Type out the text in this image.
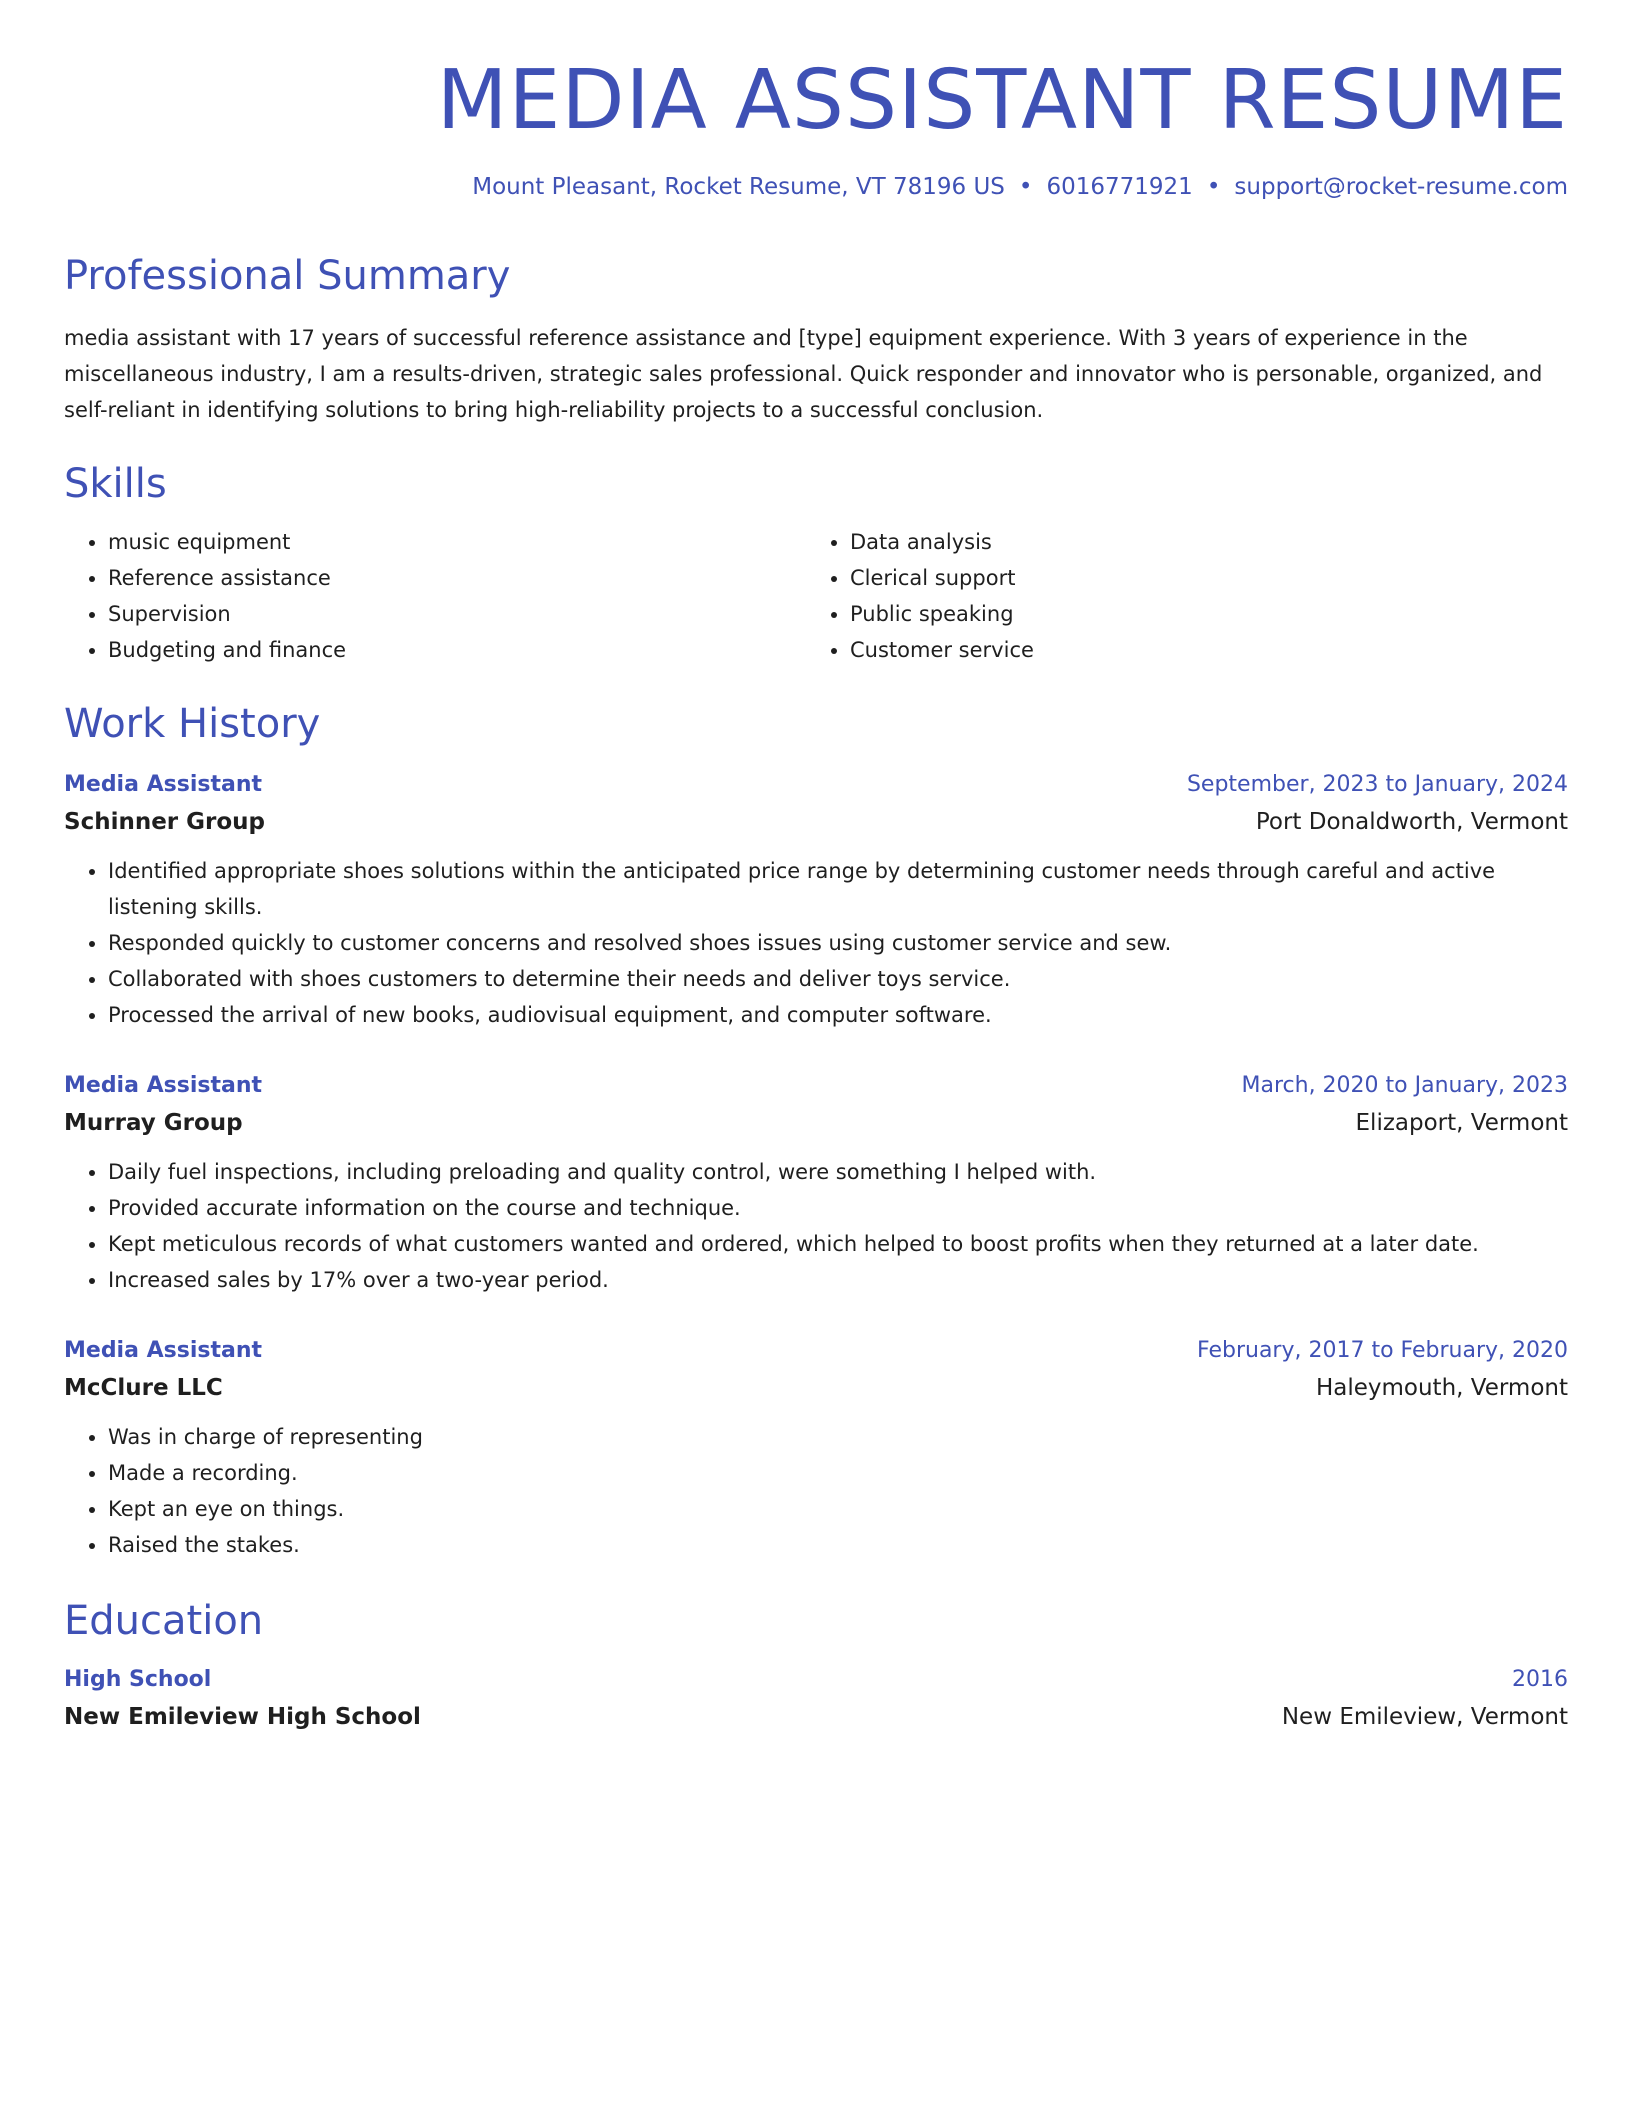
MEDIA ASSISTANT RESUME
Mount Pleasant, Rocket Resume, VT 78196 US • 6016771921 • support@rocket-resume.com
Professional Summary

media assistant with 17 years of successful reference assistance and [type] equipment experience. With 3 years of experience in the miscellaneous industry, I am a results-driven, strategic sales professional. Quick responder and innovator who is personable, organized, and self-reliant in identifying solutions to bring high-reliability projects to a successful conclusion.

Skills
• music equipment
• Reference assistance
• Supervision
• Budgeting and finance
• Data analysis
• Clerical support
• Public speaking
• Customer service
Work History
Media Assistant	September, 2023 to January, 2024
Schinner Group	Port Donaldworth, Vermont
• Identified appropriate shoes solutions within the anticipated price range by determining customer needs through careful and active listening skills.
• Responded quickly to customer concerns and resolved shoes issues using customer service and sew.
• Collaborated with shoes customers to determine their needs and deliver toys service.
• Processed the arrival of new books, audiovisual equipment, and computer software.
Media Assistant	March, 2020 to January, 2023
Murray Group	Elizaport, Vermont
• Daily fuel inspections, including preloading and quality control, were something I helped with.
• Provided accurate information on the course and technique.
• Kept meticulous records of what customers wanted and ordered, which helped to boost profits when they returned at a later date.
• Increased sales by 17% over a two-year period.
Media Assistant	February, 2017 to February, 2020
McClure LLC	Haleymouth, Vermont
• Was in charge of representing
• Made a recording.
• Kept an eye on things.
• Raised the stakes.
Education
High School	2016
New Emileview High School	New Emileview, Vermont
